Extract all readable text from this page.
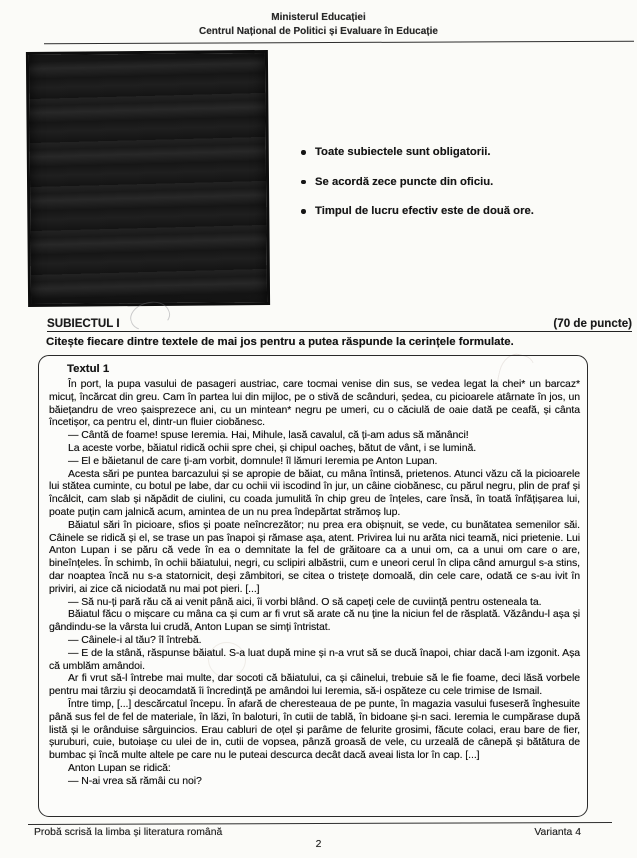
Ministerul Educației
Centrul Național de Politici și Evaluare în Educație
Toate subiectele sunt obligatorii.
Se acordă zece puncte din oficiu.
Timpul de lucru efectiv este de două ore.
SUBIECTUL I	(70 de puncte)
Citește fiecare dintre textele de mai jos pentru a putea răspunde la cerințele formulate.
Textul 1

În port, la pupa vasului de pasageri austriac, care tocmai venise din sus, se vedea legat la chei* un barcaz* micuț, încărcat din greu. Cam în partea lui din mijloc, pe o stivă de scânduri, ședea, cu picioarele atârnate în jos, un băiețandru de vreo șaisprezece ani, cu un mintean* negru pe umeri, cu o căciulă de oaie dată pe ceafă, și cânta încetișor, ca pentru el, dintr-un fluier ciobănesc.

— Cântă de foame! spuse Ieremia. Hai, Mihule, lasă cavalul, că ți-am adus să mănânci!

La aceste vorbe, băiatul ridică ochii spre chei, și chipul oacheș, bătut de vânt, i se lumină.

— El e băietanul de care ți-am vorbit, domnule! îl lămuri Ieremia pe Anton Lupan.

Acesta sări pe puntea barcazului și se apropie de băiat, cu mâna întinsă, prietenos. Atunci văzu că la picioarele lui stătea cuminte, cu botul pe labe, dar cu ochii vii iscodind în jur, un câine ciobănesc, cu părul negru, plin de praf și încâlcit, cam slab și năpădit de ciulini, cu coada jumulită în chip greu de înțeles, care însă, în toată înfățișarea lui, poate puțin cam jalnică acum, amintea de un nu prea îndepărtat strămoș lup.

Băiatul sări în picioare, sfios și poate neîncrezător; nu prea era obișnuit, se vede, cu bunătatea semenilor săi. Câinele se ridică și el, se trase un pas înapoi și rămase așa, atent. Privirea lui nu arăta nici teamă, nici prietenie. Lui Anton Lupan i se păru că vede în ea o demnitate la fel de grăitoare ca a unui om, ca a unui om care o are, bineînțeles. În schimb, în ochii băiatului, negri, cu sclipiri albăstrii, cum e uneori cerul în clipa când amurgul s-a stins, dar noaptea încă nu s-a statornicit, deși zâmbitori, se citea o tristețe domoală, din cele care, odată ce s-au ivit în priviri, ai zice că niciodată nu mai pot pieri. [...]

— Să nu-ți pară rău că ai venit până aici, îi vorbi blând. O să capeți cele de cuviință pentru osteneala ta.

Băiatul făcu o mișcare cu mâna ca și cum ar fi vrut să arate că nu ține la niciun fel de răsplată. Văzându-l așa și gândindu-se la vârsta lui crudă, Anton Lupan se simți întristat.

— Câinele-i al tău? îl întrebă.

— E de la stână, răspunse băiatul. S-a luat după mine și n-a vrut să se ducă înapoi, chiar dacă l-am izgonit. Așa că umblăm amândoi.

Ar fi vrut să-l întrebe mai multe, dar socoti că băiatului, ca și câinelui, trebuie să le fie foame, deci lăsă vorbele pentru mai târziu și deocamdată îi încredință pe amândoi lui Ieremia, să-i ospăteze cu cele trimise de Ismail.

Între timp, [...] descărcatul începu. În afară de cheresteaua de pe punte, în magazia vasului fuseseră înghesuite până sus fel de fel de materiale, în lăzi, în baloturi, în cutii de tablă, în bidoane și-n saci. Ieremia le cumpărase după listă și le orânduise sârguincios. Erau cabluri de oțel și parâme de felurite grosimi, făcute colaci, erau bare de fier, șuruburi, cuie, butoiașe cu ulei de in, cutii de vopsea, pânză groasă de vele, cu urzeală de cânepă și bătătura de bumbac și încă multe altele pe care nu le puteai descurca decât dacă aveai lista lor în cap. [...]

Anton Lupan se ridică:

— N-ai vrea să rămâi cu noi?

Probă scrisă la limba și literatura română	Varianta 4
2
